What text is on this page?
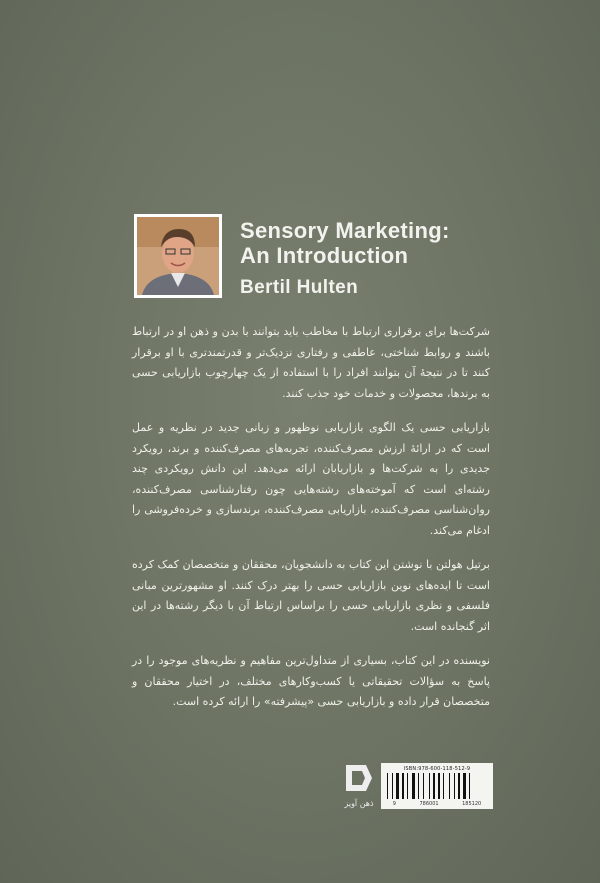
Sensory Marketing:
An Introduction
Bertil Hulten

شرکت‌ها برای برقراری ارتباط با مخاطب باید بتوانند با بدن و ذهن او در ارتباط باشند و روابط شناختی، عاطفی و رفتاری نزدیک‌تر و قدرتمندتری با او برقرار کنند تا در نتیجهٔ آن بتوانند افراد را با استفاده از یک چهارچوب بازاریابی حسی به برندها، محصولات و خدمات خود جذب کنند.

بازاریابی حسی یک الگوی بازاریابی نوظهور و زبانی جدید در نظریه و عمل است که در ارائهٔ ارزش مصرف‌کننده، تجربه‌های مصرف‌کننده و برند، رویکرد جدیدی را به شرکت‌ها و بازاریابان ارائه می‌دهد. این دانش رویکردی چند رشته‌ای است که آموخته‌های رشته‌هایی چون رفتارشناسی مصرف‌کننده، روان‌شناسی مصرف‌کننده، بازاریابی مصرف‌کننده، برندسازی و خرده‌فروشی را ادغام می‌کند.

برتیل هولتن با نوشتن این کتاب به دانشجویان، محققان و متخصصان کمک کرده است تا ایده‌های نوین بازاریابی حسی را بهتر درک کنند. او مشهورترین مبانی فلسفی و نظری بازاریابی حسی را براساس ارتباط آن با دیگر رشته‌ها در این اثر گنجانده است.

نویسنده در این کتاب، بسیاری از متداول‌ترین مفاهیم و نظریه‌های موجود را در پاسخ به سؤالات تحقیقاتی یا کسب‌وکارهای مختلف، در اختیار محققان و متخصصان قرار داده و بازاریابی حسی «پیشرفته» را ارائه کرده است.

ذهن آویز
ISBN:978-600-118-512-9
9	786001	185120
